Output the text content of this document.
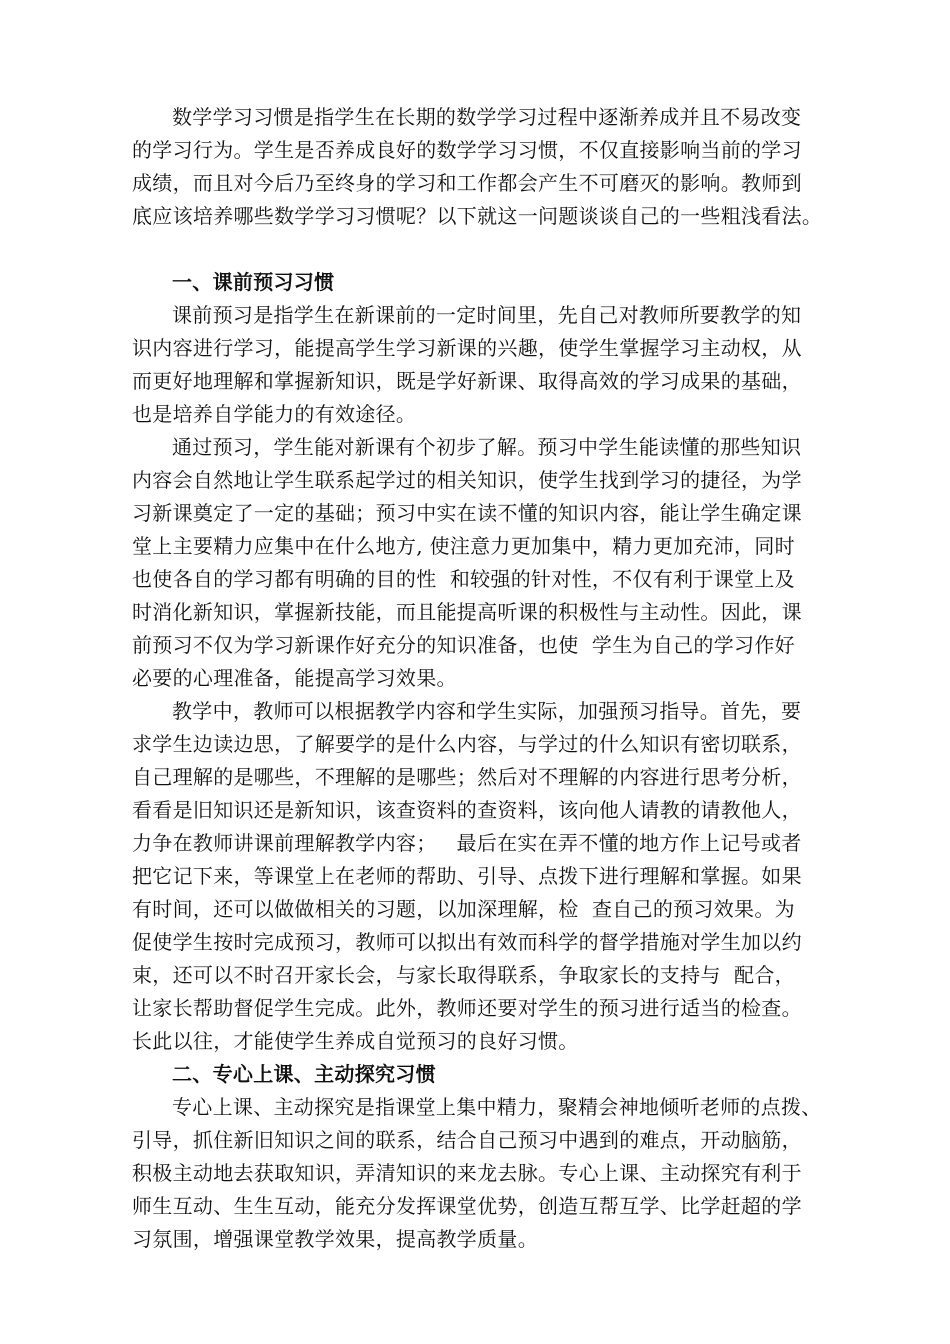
数学学习习惯是指学生在长期的数学学习过程中逐渐养成并且不易改变
的学习行为。学生是否养成良好的数学学习习惯，不仅直接影响当前的学习
成绩，而且对今后乃至终身的学习和工作都会产生不可磨灭的影响。教师到
底应该培养哪些数学学习习惯呢？以下就这一问题谈谈自己的一些粗浅看法。
一、课前预习习惯
课前预习是指学生在新课前的一定时间里，先自己对教师所要教学的知
识内容进行学习，能提高学生学习新课的兴趣，使学生掌握学习主动权，从
而更好地理解和掌握新知识，既是学好新课、取得高效的学习成果的基础，
也是培养自学能力的有效途径。
通过预习，学生能对新课有个初步了解。预习中学生能读懂的那些知识
内容会自然地让学生联系起学过的相关知识，使学生找到学习的捷径，为学
习新课奠定了一定的基础；预习中实在读不懂的知识内容，能让学生确定课
堂上主要精力应集中在什么地方, 使注意力更加集中，精力更加充沛，同时
也使各自的学习都有明确的目的性  和较强的针对性，不仅有利于课堂上及
时消化新知识，掌握新技能，而且能提高听课的积极性与主动性。因此，课
前预习不仅为学习新课作好充分的知识准备，也使  学生为自己的学习作好
必要的心理准备，能提高学习效果。
教学中，教师可以根据教学内容和学生实际，加强预习指导。首先，要
求学生边读边思，了解要学的是什么内容，与学过的什么知识有密切联系，
自己理解的是哪些，不理解的是哪些；然后对不理解的内容进行思考分析，
看看是旧知识还是新知识，该查资料的查资料，该向他人请教的请教他人，
力争在教师讲课前理解教学内容；   最后在实在弄不懂的地方作上记号或者
把它记下来，等课堂上在老师的帮助、引导、点拨下进行理解和掌握。如果
有时间，还可以做做相关的习题，以加深理解，检  查自己的预习效果。为
促使学生按时完成预习，教师可以拟出有效而科学的督学措施对学生加以约
束，还可以不时召开家长会，与家长取得联系，争取家长的支持与  配合，
让家长帮助督促学生完成。此外，教师还要对学生的预习进行适当的检查。
长此以往，才能使学生养成自觉预习的良好习惯。
二、专心上课、主动探究习惯
专心上课、主动探究是指课堂上集中精力，聚精会神地倾听老师的点拨、
引导，抓住新旧知识之间的联系，结合自己预习中遇到的难点，开动脑筋，
积极主动地去获取知识，弄清知识的来龙去脉。专心上课、主动探究有利于
师生互动、生生互动，能充分发挥课堂优势，创造互帮互学、比学赶超的学
习氛围，增强课堂教学效果，提高教学质量。
